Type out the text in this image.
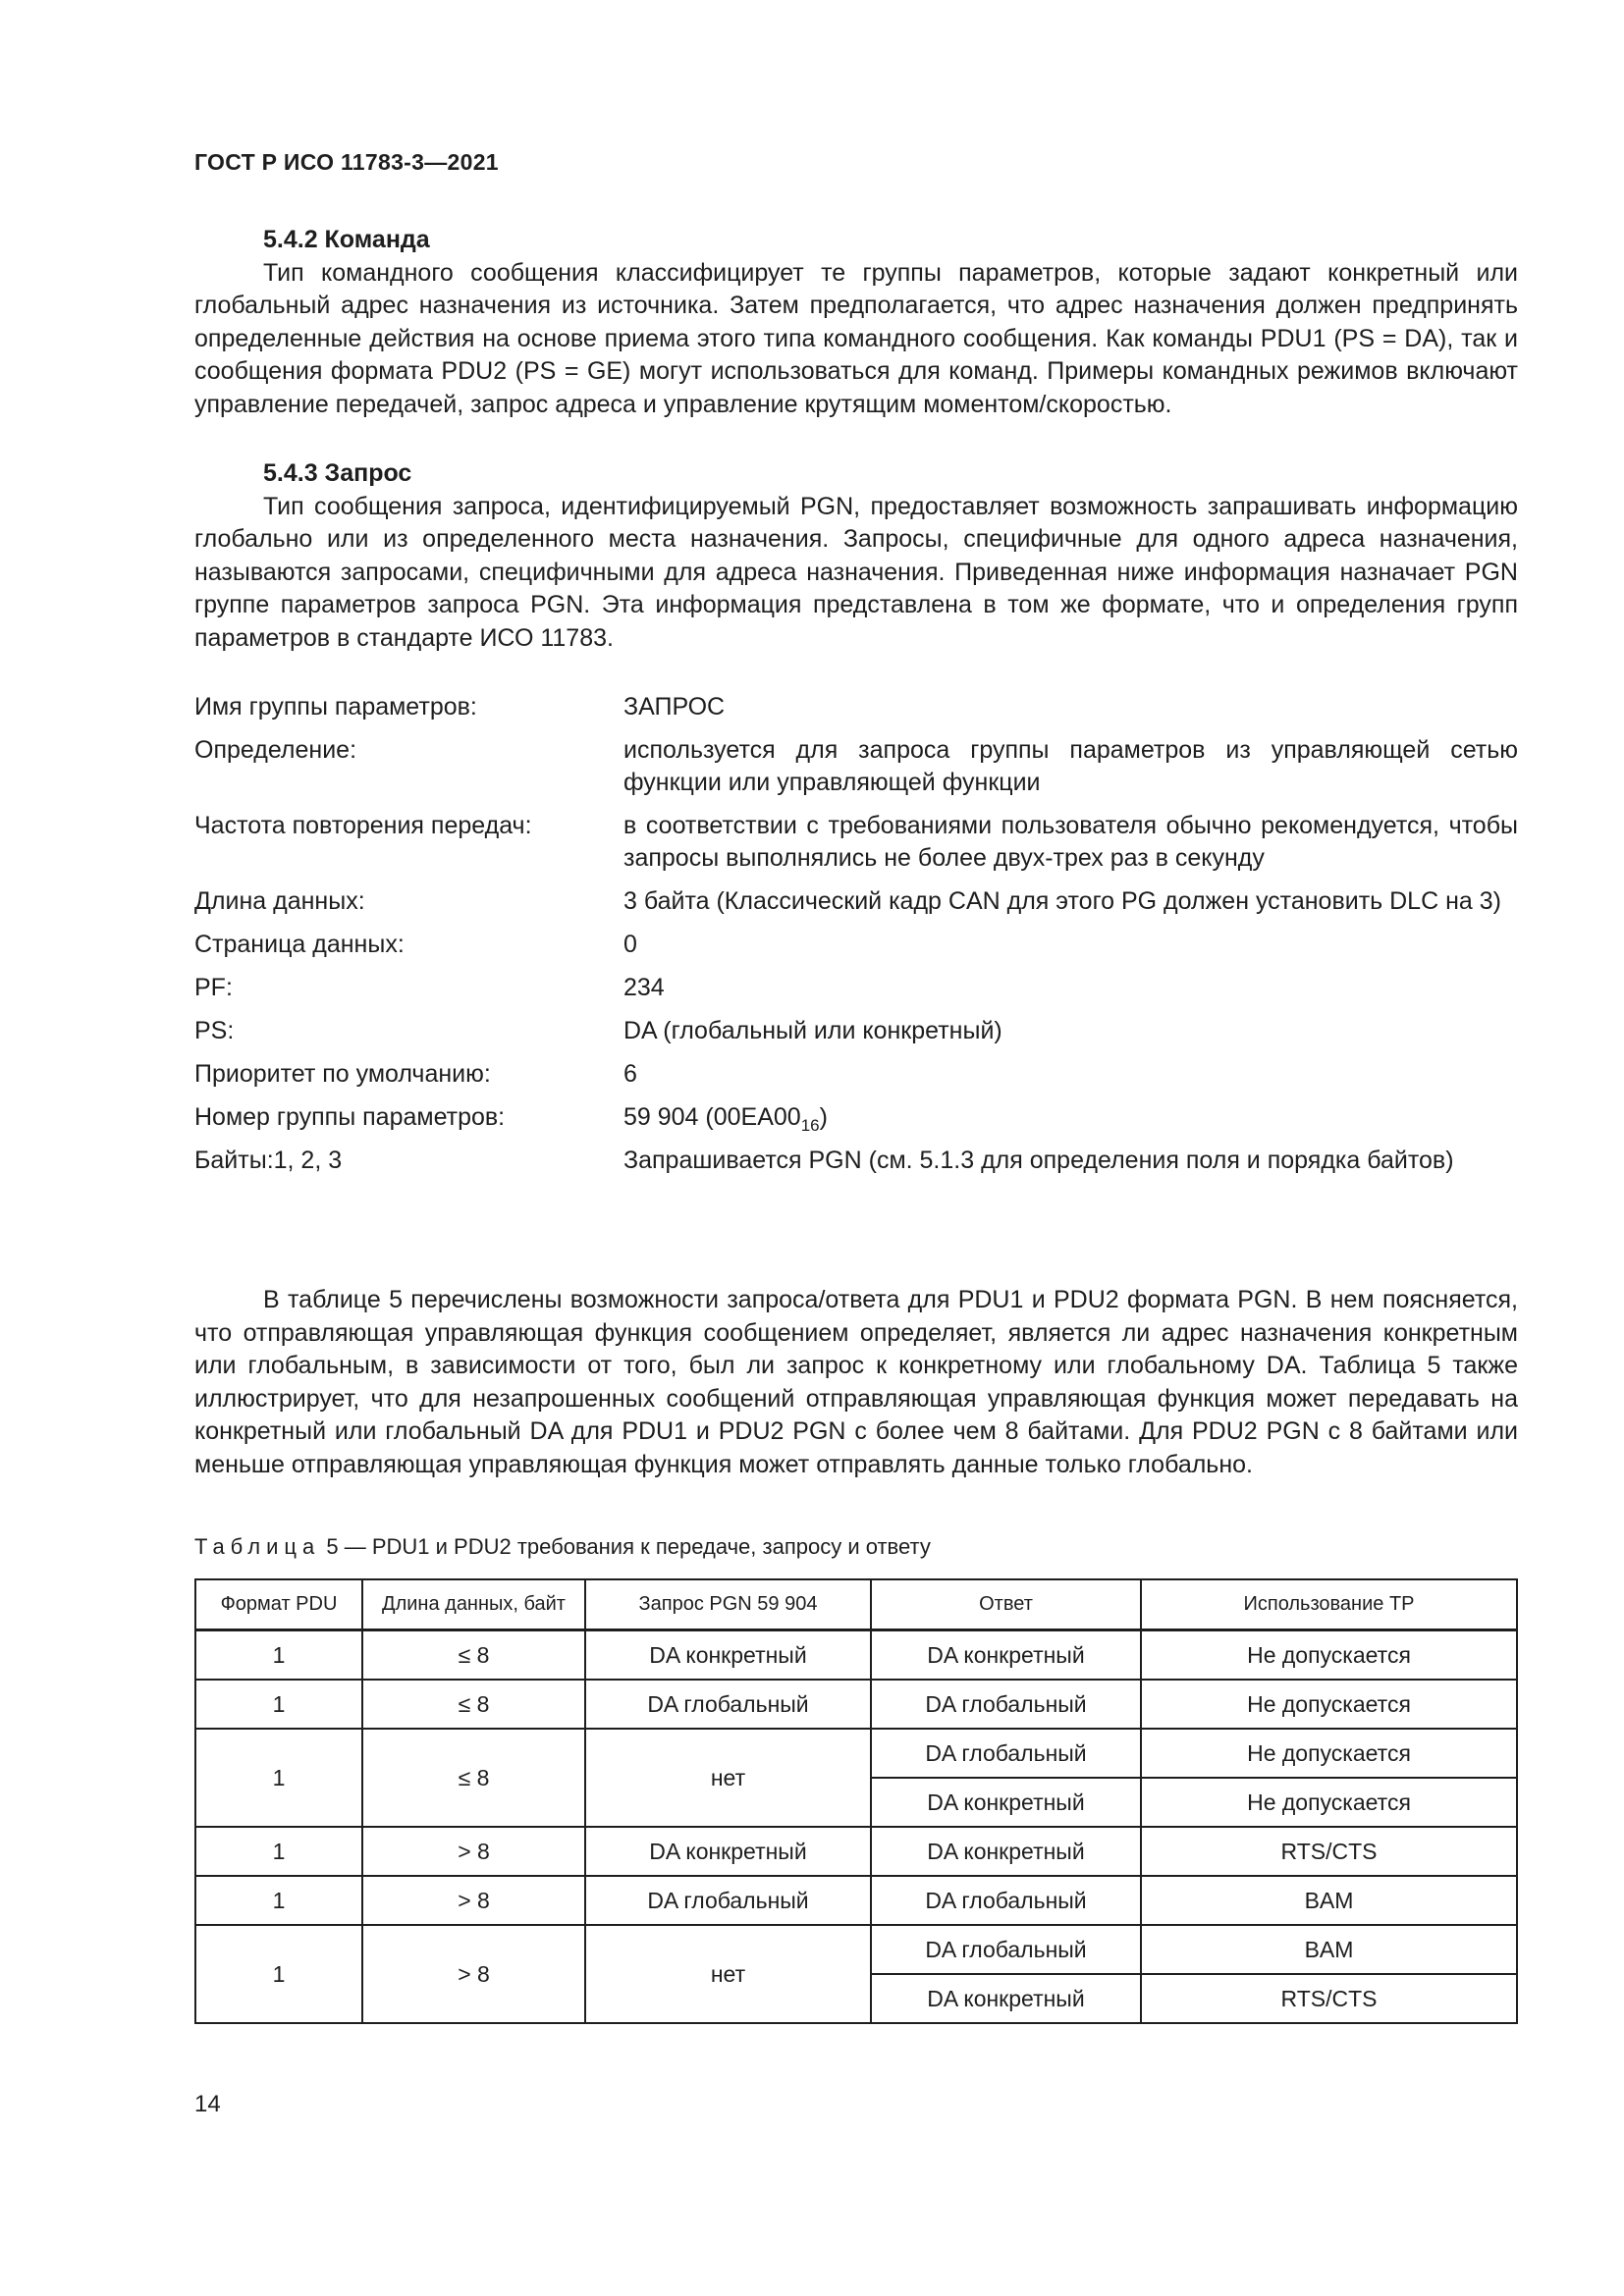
ГОСТ Р ИСО 11783-3—2021
5.4.2 Команда

Тип командного сообщения классифицирует те группы параметров, которые задают конкретный или глобальный адрес назначения из источника. Затем предполагается, что адрес назначения должен предпринять определенные действия на основе приема этого типа командного сообщения. Как команды PDU1 (PS = DA), так и сообщения формата PDU2 (PS = GE) могут использоваться для команд. Примеры командных режимов включают управление передачей, запрос адреса и управление крутящим моментом/скоростью.

5.4.3 Запрос

Тип сообщения запроса, идентифицируемый PGN, предоставляет возможность запрашивать информацию глобально или из определенного места назначения. Запросы, специфичные для одного адреса назначения, называются запросами, специфичными для адреса назначения. Приведенная ниже информация назначает PGN группе параметров запроса PGN. Эта информация представлена в том же формате, что и определения групп параметров в стандарте ИСО 11783.

Имя группы параметров:	ЗАПРОС
Определение:	используется для запроса группы параметров из управляющей сетью функции или управляющей функции
Частота повторения передач:	в соответствии с требованиями пользователя обычно рекомендуется, чтобы запросы выполнялись не более двух-трех раз в секунду
Длина данных:	3 байта (Классический кадр CAN для этого PG должен установить DLC на 3)
Страница данных:	0
PF:	234
PS:	DA (глобальный или конкретный)
Приоритет по умолчанию:	6
Номер группы параметров:	59 904 $(00EA00_{16})$
Байты:1, 2, 3	Запрашивается PGN (см. 5.1.3 для определения поля и порядка байтов)

В таблице 5 перечислены возможности запроса/ответа для PDU1 и PDU2 формата PGN. В нем поясняется, что отправляющая управляющая функция сообщением определяет, является ли адрес назначения конкретным или глобальным, в зависимости от того, был ли запрос к конкретному или глобальному DA. Таблица 5 также иллюстрирует, что для незапрошенных сообщений отправляющая управляющая функция может передавать на конкретный или глобальный DA для PDU1 и PDU2 PGN с более чем 8 байтами. Для PDU2 PGN с 8 байтами или меньше отправляющая управляющая функция может отправлять данные только глобально.

Таблица 5 — PDU1 и PDU2 требования к передаче, запросу и ответу
Формат PDU	Длина данных, байт	Запрос PGN 59 904	Ответ	Использование TP
1	≤ 8	DA конкретный	DA конкретный	Не допускается
1	≤ 8	DA глобальный	DA глобальный	Не допускается
1	≤ 8	нет	DA глобальный	Не допускается
			DA конкретный	Не допускается
1	> 8	DA конкретный	DA конкретный	RTS/CTS
1	> 8	DA глобальный	DA глобальный	BAM
1	> 8	нет	DA глобальный	BAM
			DA конкретный	RTS/CTS
14
